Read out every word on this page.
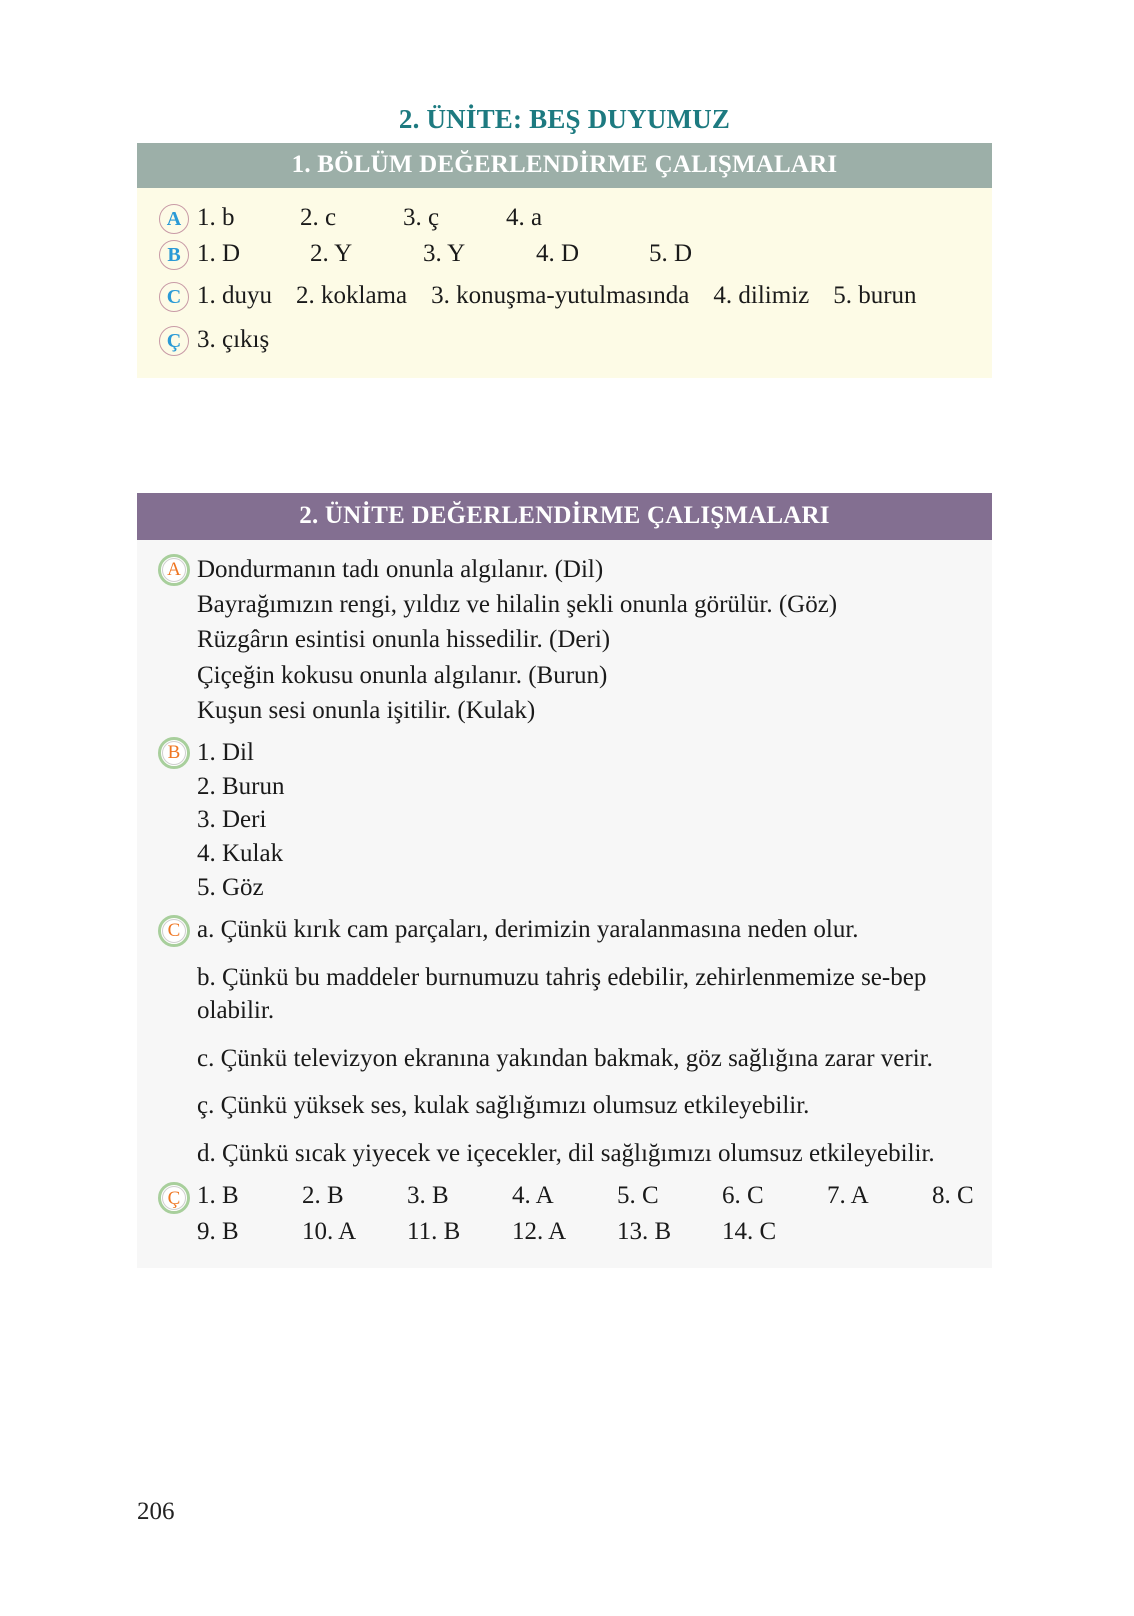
2. ÜNİTE: BEŞ DUYUMUZ
1. BÖLÜM DEĞERLENDİRME ÇALIŞMALARI
A 1. b	2. c	3. ç	4. a
B 1. D	2. Y	3. Y	4. D	5. D
C 1. duyu 2. koklama 3. konuşma-yutulmasında 4. dilimiz 5. burun
Ç 3. çıkış
2. ÜNİTE DEĞERLENDİRME ÇALIŞMALARI
A Dondurmanın tadı onunla algılanır. (Dil)
Bayrağımızın rengi, yıldız ve hilalin şekli onunla görülür. (Göz)
Rüzgârın esintisi onunla hissedilir. (Deri)
Çiçeğin kokusu onunla algılanır. (Burun)
Kuşun sesi onunla işitilir. (Kulak)
B 1. Dil
2. Burun
3. Deri
4. Kulak
5. Göz
C a. Çünkü kırık cam parçaları, derimizin yaralanmasına neden olur.
b. Çünkü bu maddeler burnumuzu tahriş edebilir, zehirlenmemize se-bep olabilir.
c. Çünkü televizyon ekranına yakından bakmak, göz sağlığına zarar verir.
ç. Çünkü yüksek ses, kulak sağlığımızı olumsuz etkileyebilir.
d. Çünkü sıcak yiyecek ve içecekler, dil sağlığımızı olumsuz etkileyebilir.
Ç 1. B	2. B	3. B	4. A	5. C	6. C	7. A	8. C
9. B	10. A	11. B	12. A	13. B	14. C
206
